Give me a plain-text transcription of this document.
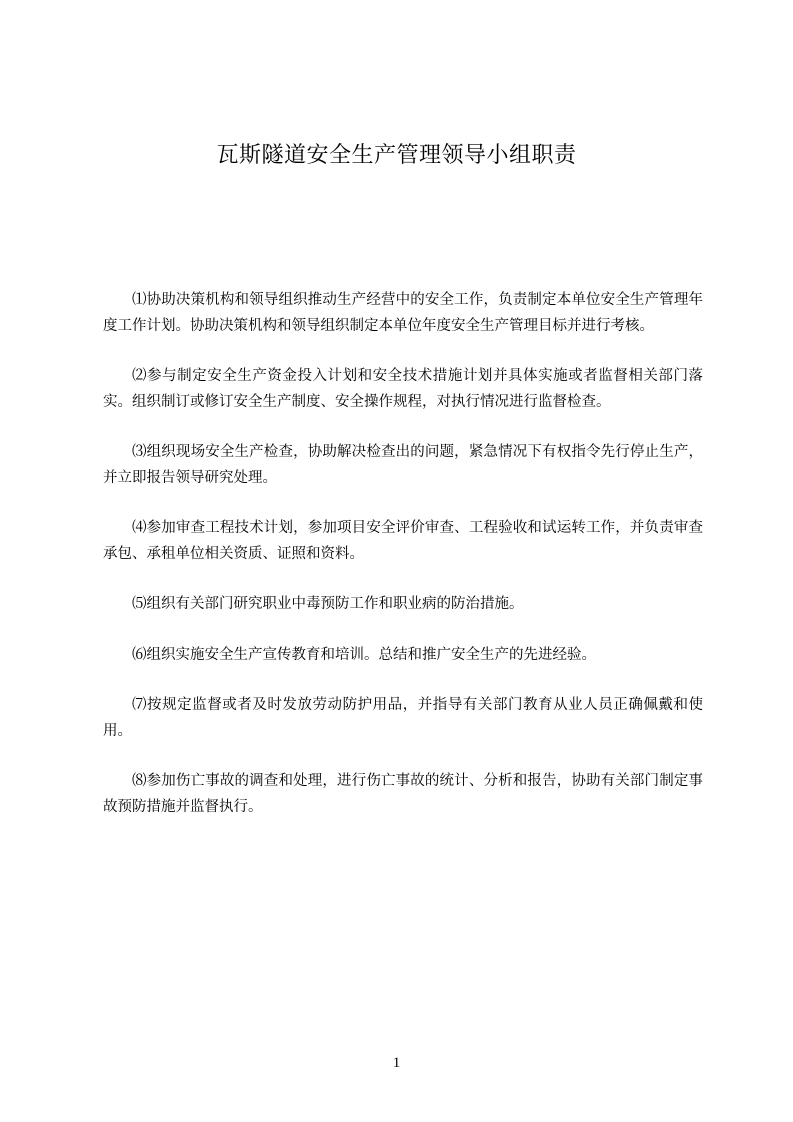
瓦斯隧道安全生产管理领导小组职责

⑴协助决策机构和领导组织推动生产经营中的安全工作，负责制定本单位安全生产管理年度工作计划。协助决策机构和领导组织制定本单位年度安全生产管理目标并进行考核。

⑵参与制定安全生产资金投入计划和安全技术措施计划并具体实施或者监督相关部门落实。组织制订或修订安全生产制度、安全操作规程，对执行情况进行监督检查。

⑶组织现场安全生产检查，协助解决检查出的问题，紧急情况下有权指令先行停止生产，并立即报告领导研究处理。

⑷参加审查工程技术计划，参加项目安全评价审查、工程验收和试运转工作，并负责审查承包、承租单位相关资质、证照和资料。

⑸组织有关部门研究职业中毒预防工作和职业病的防治措施。

⑹组织实施安全生产宣传教育和培训。总结和推广安全生产的先进经验。

⑺按规定监督或者及时发放劳动防护用品，并指导有关部门教育从业人员正确佩戴和使用。

⑻参加伤亡事故的调查和处理，进行伤亡事故的统计、分析和报告，协助有关部门制定事故预防措施并监督执行。

1
